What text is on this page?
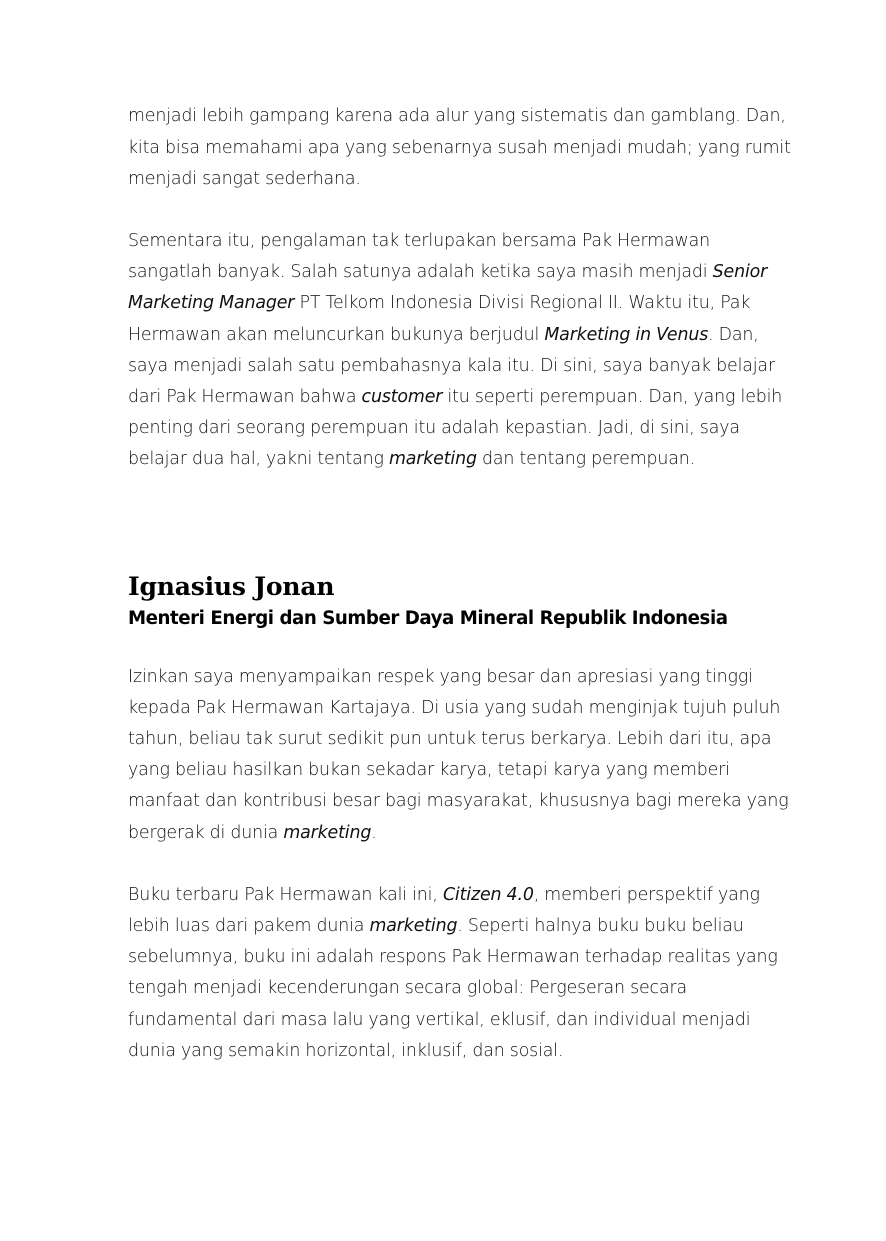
menjadi lebih gampang karena ada alur yang sistematis dan gamblang. Dan, kita bisa memahami apa yang sebenarnya susah menjadi mudah; yang rumit menjadi sangat sederhana.

Sementara itu, pengalaman tak terlupakan bersama Pak Hermawan sangatlah banyak. Salah satunya adalah ketika saya masih menjadi Senior Marketing Manager PT Telkom Indonesia Divisi Regional II. Waktu itu, Pak Hermawan akan meluncurkan bukunya berjudul Marketing in Venus. Dan, saya menjadi salah satu pembahasnya kala itu. Di sini, saya banyak belajar dari Pak Hermawan bahwa customer itu seperti perempuan. Dan, yang lebih penting dari seorang perempuan itu adalah kepastian. Jadi, di sini, saya belajar dua hal, yakni tentang marketing dan tentang perempuan.

Ignasius Jonan
Menteri Energi dan Sumber Daya Mineral Republik Indonesia

Izinkan saya menyampaikan respek yang besar dan apresiasi yang tinggi kepada Pak Hermawan Kartajaya. Di usia yang sudah menginjak tujuh puluh tahun, beliau tak surut sedikit pun untuk terus berkarya. Lebih dari itu, apa yang beliau hasilkan bukan sekadar karya, tetapi karya yang memberi manfaat dan kontribusi besar bagi masyarakat, khususnya bagi mereka yang bergerak di dunia marketing.

Buku terbaru Pak Hermawan kali ini, Citizen 4.0, memberi perspektif yang lebih luas dari pakem dunia marketing. Seperti halnya buku buku beliau sebelumnya, buku ini adalah respons Pak Hermawan terhadap realitas yang tengah menjadi kecenderungan secara global: Pergeseran secara fundamental dari masa lalu yang vertikal, eklusif, dan individual menjadi dunia yang semakin horizontal, inklusif, dan sosial.
